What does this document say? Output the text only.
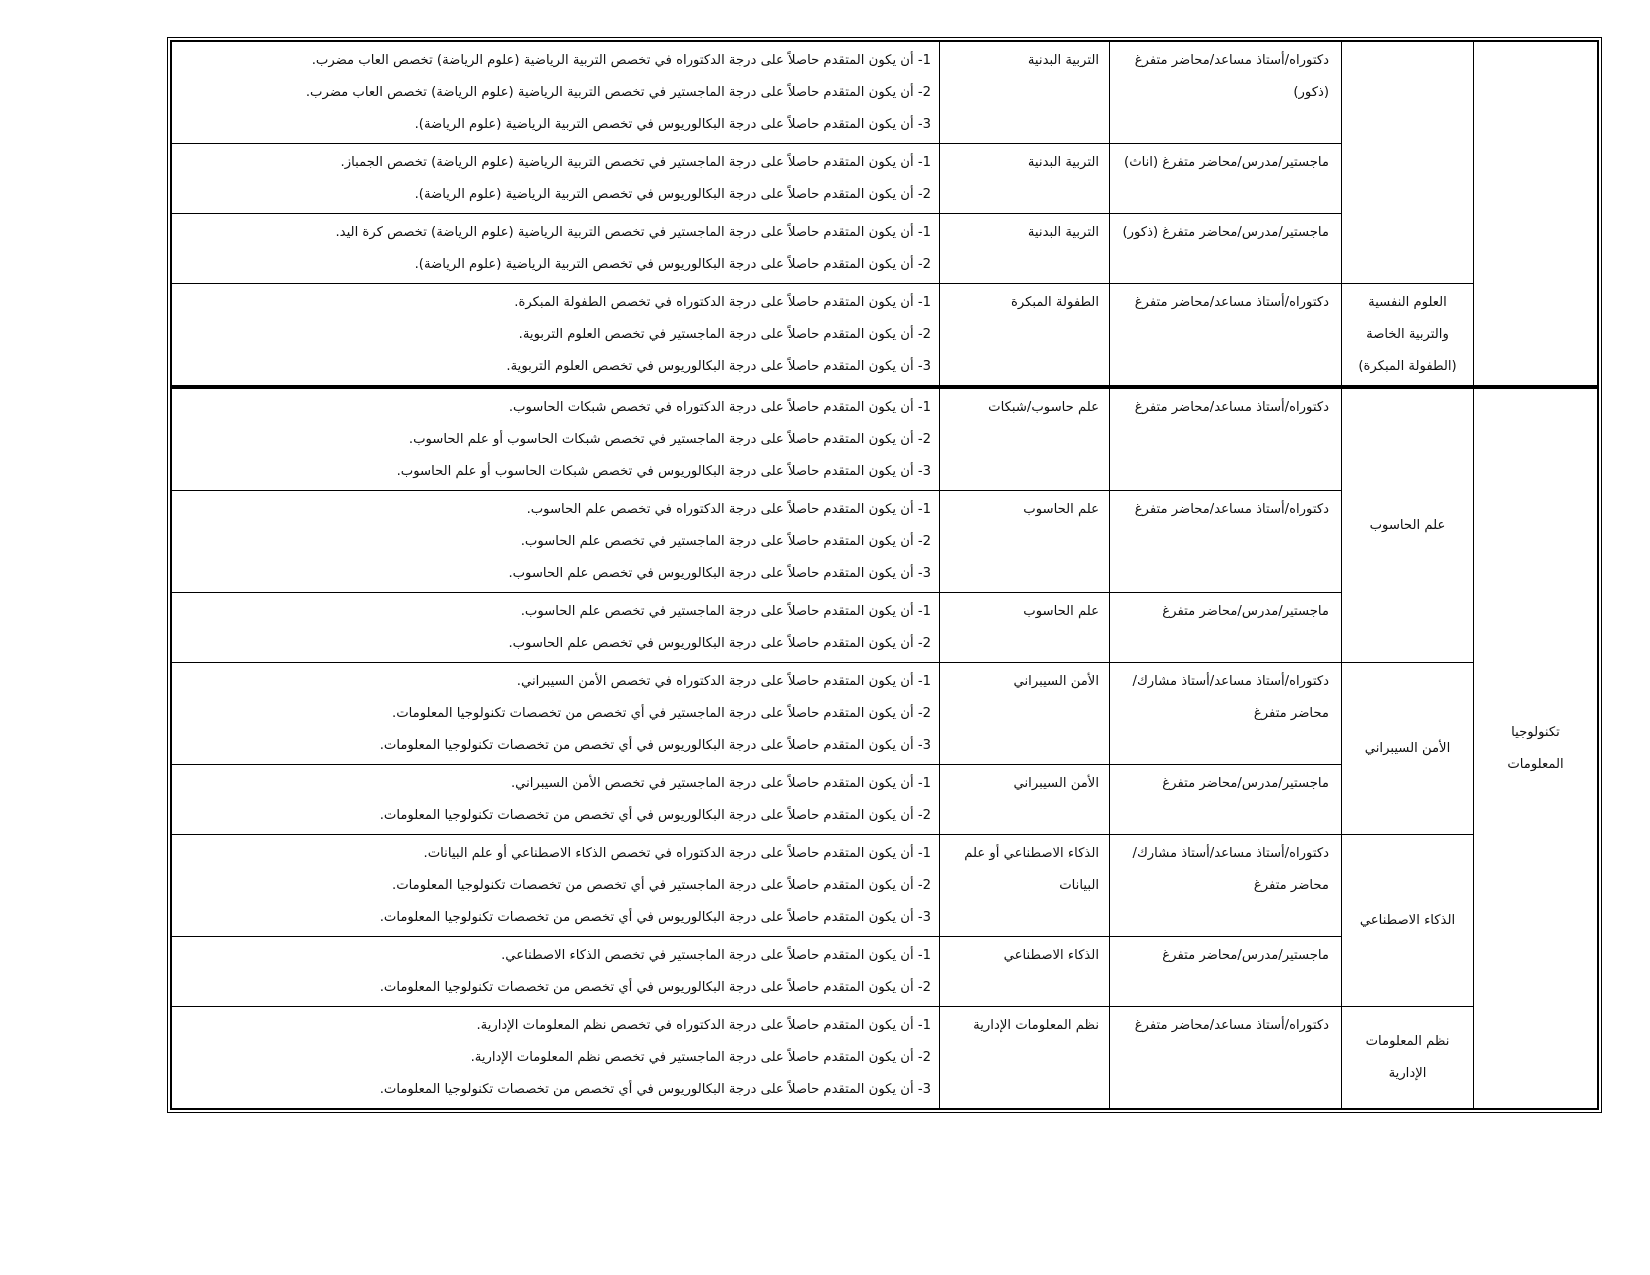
		دكتوراه/أستاذ مساعد/محاضر متفرغ (ذكور)	التربية البدنية	1- أن يكون المتقدم حاصلاً على درجة الدكتوراه في تخصص التربية الرياضية (علوم الرياضة) تخصص العاب مضرب.
2- أن يكون المتقدم حاصلاً على درجة الماجستير في تخصص التربية الرياضية (علوم الرياضة) تخصص العاب مضرب.
3- أن يكون المتقدم حاصلاً على درجة البكالوريوس في تخصص التربية الرياضية (علوم الرياضة).

		ماجستير/مدرس/محاضر متفرغ (اناث)	التربية البدنية	1- أن يكون المتقدم حاصلاً على درجة الماجستير في تخصص التربية الرياضية (علوم الرياضة) تخصص الجمباز.
2- أن يكون المتقدم حاصلاً على درجة البكالوريوس في تخصص التربية الرياضية (علوم الرياضة).

		ماجستير/مدرس/محاضر متفرغ (ذكور)	التربية البدنية	1- أن يكون المتقدم حاصلاً على درجة الماجستير في تخصص التربية الرياضية (علوم الرياضة) تخصص كرة اليد.
2- أن يكون المتقدم حاصلاً على درجة البكالوريوس في تخصص التربية الرياضية (علوم الرياضة).

	العلوم النفسية والتربية الخاصة (الطفولة المبكرة)	دكتوراه/أستاذ مساعد/محاضر متفرغ	الطفولة المبكرة	1- أن يكون المتقدم حاصلاً على درجة الدكتوراه في تخصص الطفولة المبكرة.
2- أن يكون المتقدم حاصلاً على درجة الماجستير في تخصص العلوم التربوية.
3- أن يكون المتقدم حاصلاً على درجة البكالوريوس في تخصص العلوم التربوية.

تكنولوجيا المعلومات	علم الحاسوب	دكتوراه/أستاذ مساعد/محاضر متفرغ	علم حاسوب/شبكات	1- أن يكون المتقدم حاصلاً على درجة الدكتوراه في تخصص شبكات الحاسوب.
2- أن يكون المتقدم حاصلاً على درجة الماجستير في تخصص شبكات الحاسوب أو علم الحاسوب.
3- أن يكون المتقدم حاصلاً على درجة البكالوريوس في تخصص شبكات الحاسوب أو علم الحاسوب.

		دكتوراه/أستاذ مساعد/محاضر متفرغ	علم الحاسوب	1- أن يكون المتقدم حاصلاً على درجة الدكتوراه في تخصص علم الحاسوب.
2- أن يكون المتقدم حاصلاً على درجة الماجستير في تخصص علم الحاسوب.
3- أن يكون المتقدم حاصلاً على درجة البكالوريوس في تخصص علم الحاسوب.

		ماجستير/مدرس/محاضر متفرغ	علم الحاسوب	1- أن يكون المتقدم حاصلاً على درجة الماجستير في تخصص علم الحاسوب.
2- أن يكون المتقدم حاصلاً على درجة البكالوريوس في تخصص علم الحاسوب.

	الأمن السيبراني	دكتوراه/أستاذ مساعد/أستاذ مشارك/محاضر متفرغ	الأمن السيبراني	1- أن يكون المتقدم حاصلاً على درجة الدكتوراه في تخصص الأمن السيبراني.
2- أن يكون المتقدم حاصلاً على درجة الماجستير في أي تخصص من تخصصات تكنولوجيا المعلومات.
3- أن يكون المتقدم حاصلاً على درجة البكالوريوس في أي تخصص من تخصصات تكنولوجيا المعلومات.

		ماجستير/مدرس/محاضر متفرغ	الأمن السيبراني	1- أن يكون المتقدم حاصلاً على درجة الماجستير في تخصص الأمن السيبراني.
2- أن يكون المتقدم حاصلاً على درجة البكالوريوس في أي تخصص من تخصصات تكنولوجيا المعلومات.

	الذكاء الاصطناعي	دكتوراه/أستاذ مساعد/أستاذ مشارك/ محاضر متفرغ	الذكاء الاصطناعي أو علم البيانات	1- أن يكون المتقدم حاصلاً على درجة الدكتوراه في تخصص الذكاء الاصطناعي أو علم البيانات.
2- أن يكون المتقدم حاصلاً على درجة الماجستير في أي تخصص من تخصصات تكنولوجيا المعلومات.
3- أن يكون المتقدم حاصلاً على درجة البكالوريوس في أي تخصص من تخصصات تكنولوجيا المعلومات.

		ماجستير/مدرس/محاضر متفرغ	الذكاء الاصطناعي	1- أن يكون المتقدم حاصلاً على درجة الماجستير في تخصص الذكاء الاصطناعي.
2- أن يكون المتقدم حاصلاً على درجة البكالوريوس في أي تخصص من تخصصات تكنولوجيا المعلومات.

	نظم المعلومات الإدارية	دكتوراه/أستاذ مساعد/محاضر متفرغ	نظم المعلومات الإدارية	1- أن يكون المتقدم حاصلاً على درجة الدكتوراه في تخصص نظم المعلومات الإدارية.
2- أن يكون المتقدم حاصلاً على درجة الماجستير في تخصص نظم المعلومات الإدارية.
3- أن يكون المتقدم حاصلاً على درجة البكالوريوس في أي تخصص من تخصصات تكنولوجيا المعلومات.
